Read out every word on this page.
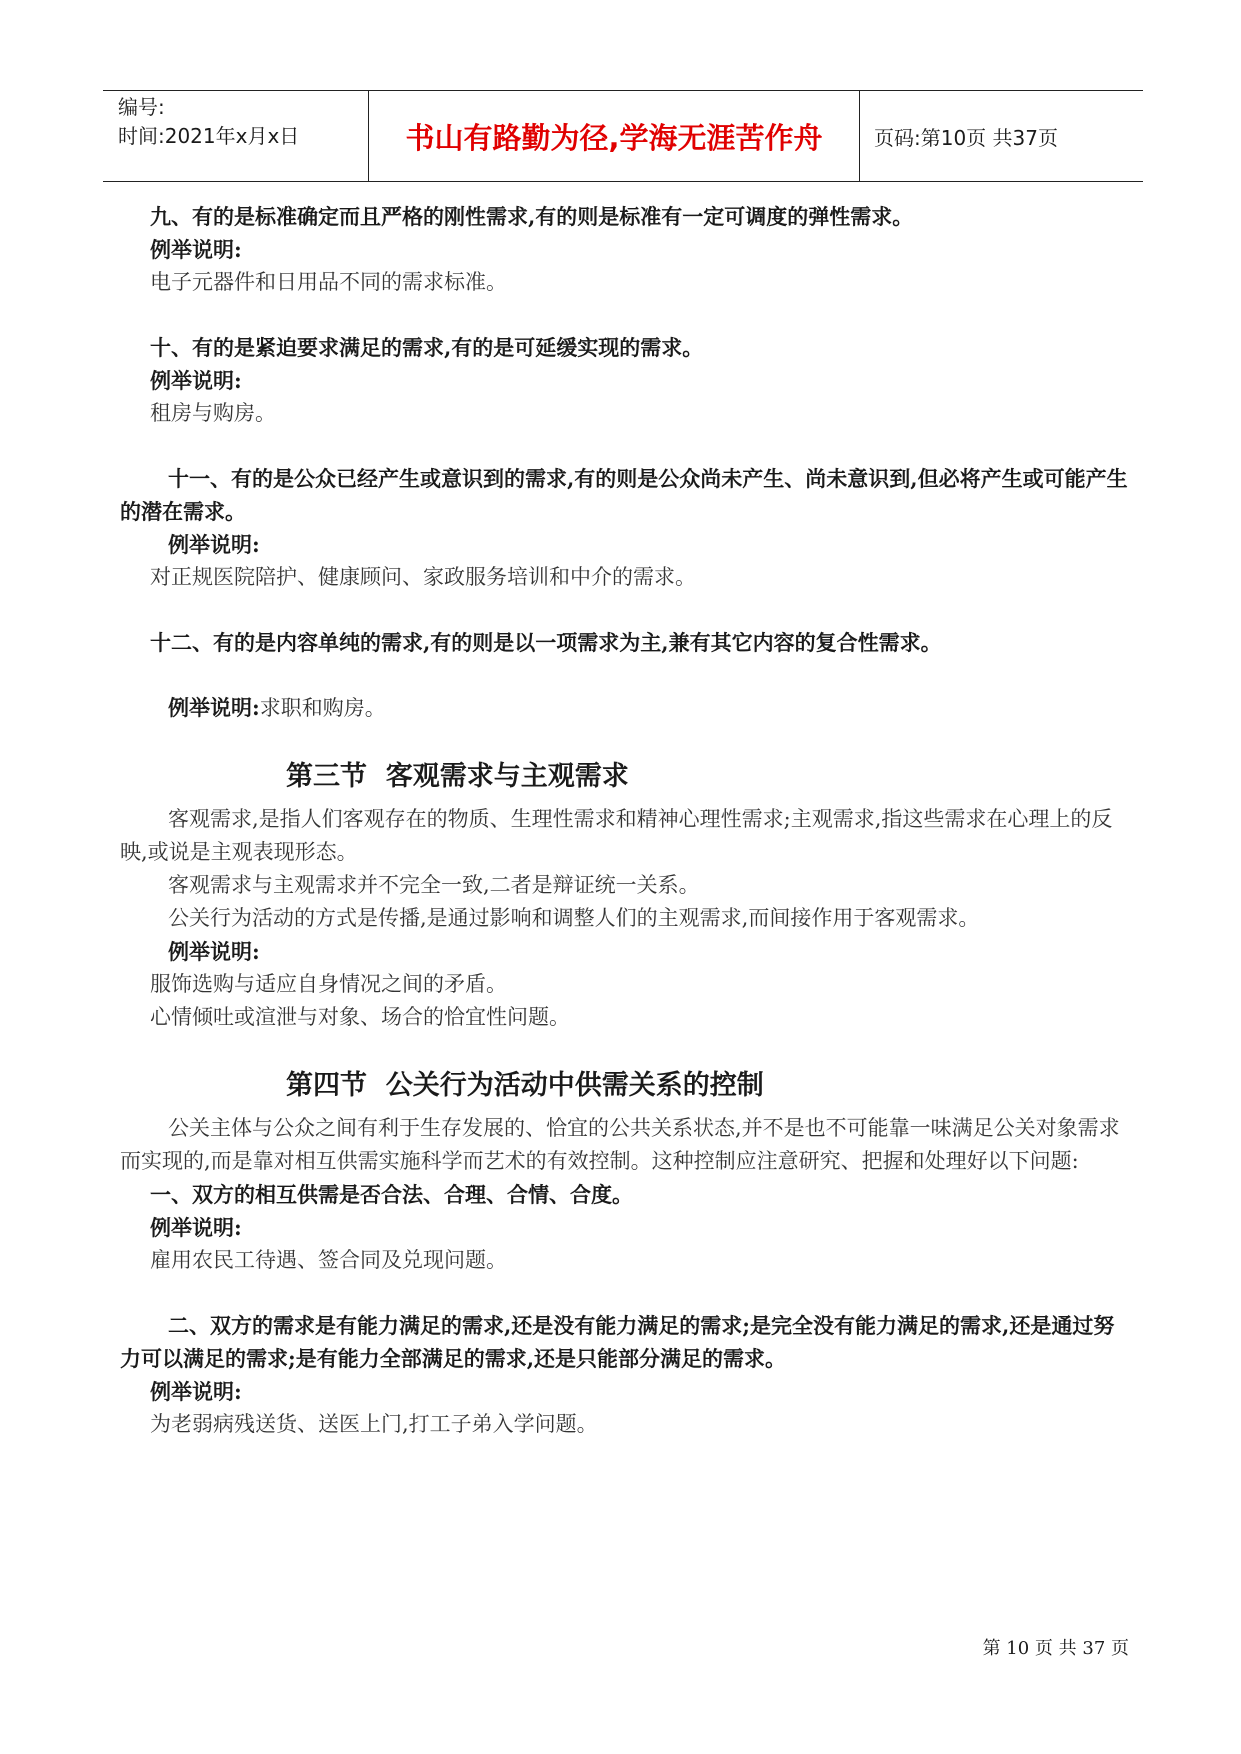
编号:
时间:2021年x月x日	书山有路勤为径,学海无涯苦作舟	页码:第10页 共37页

九、有的是标准确定而且严格的刚性需求,有的则是标准有一定可调度的弹性需求。

例举说明:

电子元器件和日用品不同的需求标准。

十、有的是紧迫要求满足的需求,有的是可延缓实现的需求。

例举说明:

租房与购房。

十一、有的是公众已经产生或意识到的需求,有的则是公众尚未产生、尚未意识到,但必将产生或可能产生的潜在需求。

例举说明:

对正规医院陪护、健康顾问、家政服务培训和中介的需求。

十二、有的是内容单纯的需求,有的则是以一项需求为主,兼有其它内容的复合性需求。

例举说明:求职和购房。

第三节  客观需求与主观需求

客观需求,是指人们客观存在的物质、生理性需求和精神心理性需求;主观需求,指这些需求在心理上的反映,或说是主观表现形态。

客观需求与主观需求并不完全一致,二者是辩证统一关系。

公关行为活动的方式是传播,是通过影响和调整人们的主观需求,而间接作用于客观需求。

例举说明:

服饰选购与适应自身情况之间的矛盾。

心情倾吐或渲泄与对象、场合的恰宜性问题。

第四节  公关行为活动中供需关系的控制

公关主体与公众之间有利于生存发展的、恰宜的公共关系状态,并不是也不可能靠一味满足公关对象需求而实现的,而是靠对相互供需实施科学而艺术的有效控制。这种控制应注意研究、把握和处理好以下问题:

一、双方的相互供需是否合法、合理、合情、合度。

例举说明:

雇用农民工待遇、签合同及兑现问题。

二、双方的需求是有能力满足的需求,还是没有能力满足的需求;是完全没有能力满足的需求,还是通过努力可以满足的需求;是有能力全部满足的需求,还是只能部分满足的需求。

例举说明:

为老弱病残送货、送医上门,打工子弟入学问题。

第 10 页 共 37 页
